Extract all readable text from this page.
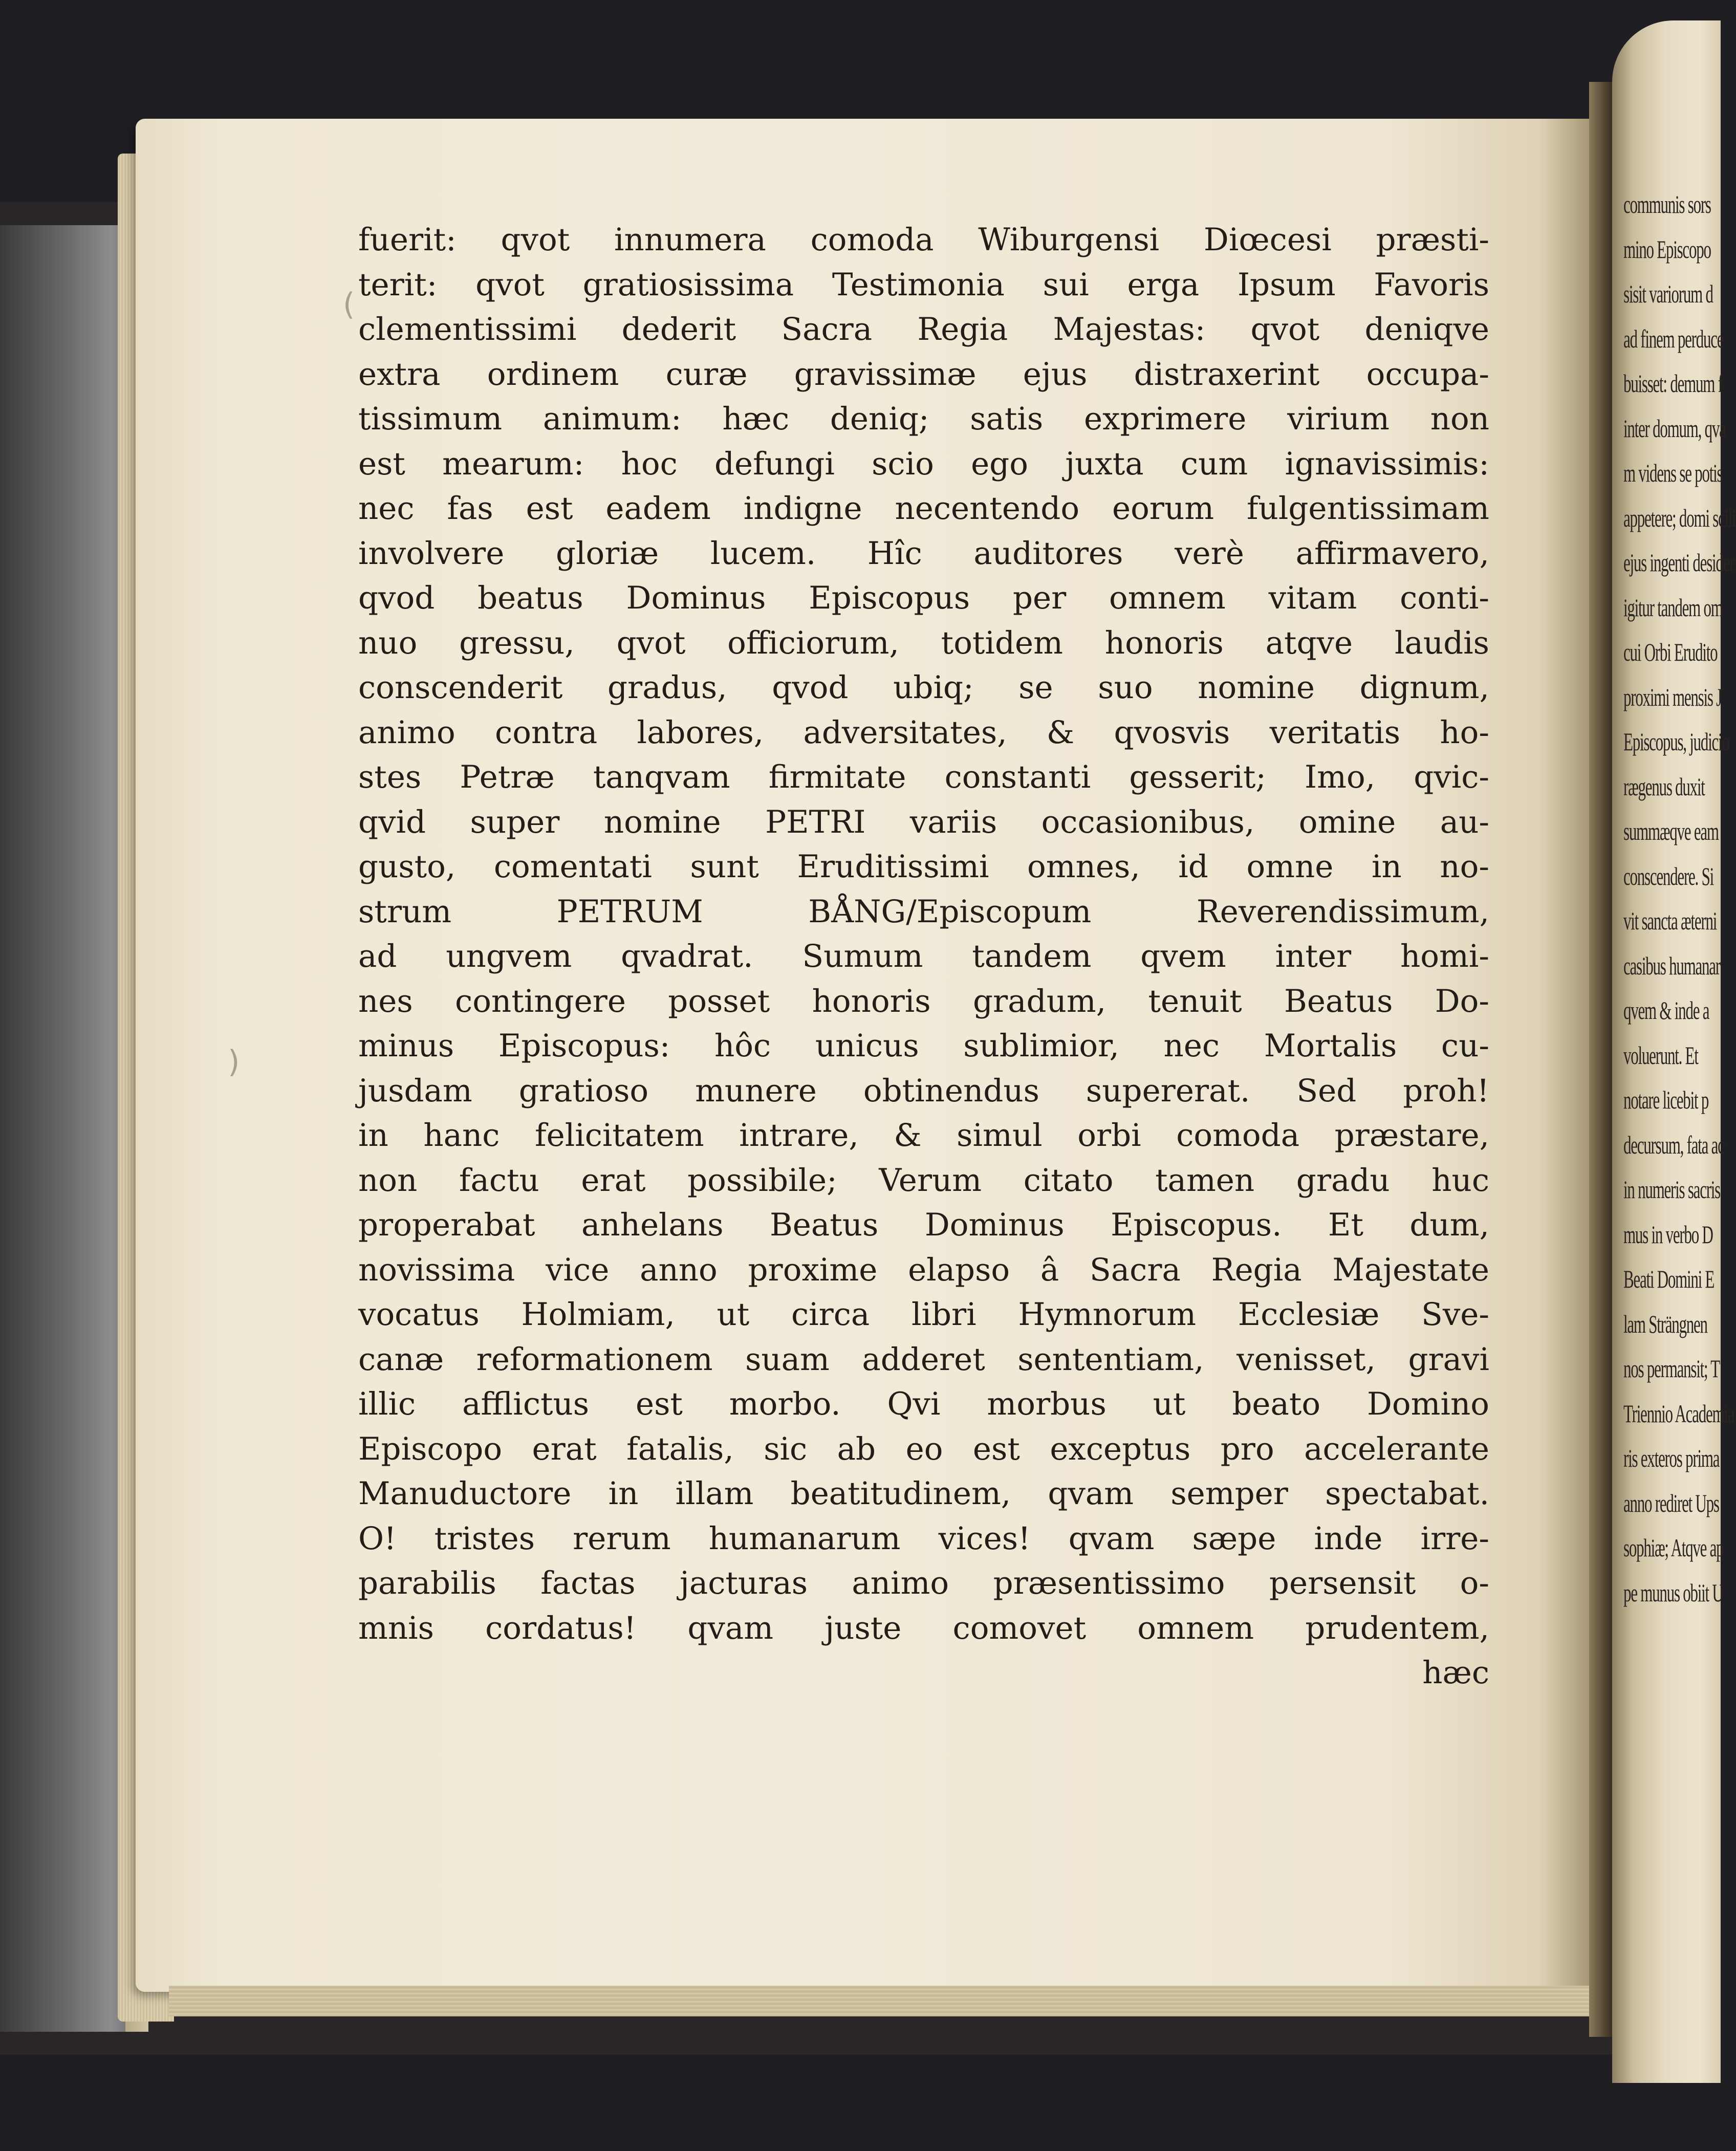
fuerit: qvot innumera comoda Wiburgensi Diœcesi præsti-
terit: qvot gratiosissima Testimonia sui erga Ipsum Favoris
clementissimi dederit Sacra Regia Majestas: qvot deniqve
extra ordinem curæ gravissimæ ejus distraxerint occupa-
tissimum animum: hæc deniq; satis exprimere virium non
est mearum: hoc defungi scio ego juxta cum ignavissimis:
nec fas est eadem indigne necentendo eorum fulgentissimam
involvere gloriæ lucem. Hîc auditores verè affirmavero,
qvod beatus Dominus Episcopus per omnem vitam conti-
nuo gressu, qvot officiorum, totidem honoris atqve laudis
conscenderit gradus, qvod ubiq; se suo nomine dignum,
animo contra labores, adversitates, & qvosvis veritatis ho-
stes Petræ tanqvam firmitate constanti gesserit; Imo, qvic-
qvid super nomine PETRI variis occasionibus, omine au-
gusto, comentati sunt Eruditissimi omnes, id omne in no-
strum PETRUM BÅNG/Episcopum Reverendissimum,
ad ungvem qvadrat. Sumum tandem qvem inter homi-
nes contingere posset honoris gradum, tenuit Beatus Do-
minus Episcopus: hôc unicus sublimior, nec Mortalis cu-
jusdam gratioso munere obtinendus supererat. Sed proh!
in hanc felicitatem intrare, & simul orbi comoda præstare,
non factu erat possibile; Verum citato tamen gradu huc
properabat anhelans Beatus Dominus Episcopus. Et dum,
novissima vice anno proxime elapso â Sacra Regia Majestate
vocatus Holmiam, ut circa libri Hymnorum Ecclesiæ Sve-
canæ reformationem suam adderet sententiam, venisset, gravi
illic afflictus est morbo. Qvi morbus ut beato Domino
Episcopo erat fatalis, sic ab eo est exceptus pro accelerante
Manuductore in illam beatitudinem, qvam semper spectabat.
O! tristes rerum humanarum vices! qvam sæpe inde irre-
parabilis factas jacturas animo præsentissimo persensit o-
mnis cordatus! qvam juste comovet omnem prudentem,
hæc
(
)
communis sors
mino Episcopo
sisit variorum d
ad finem perduce
buisset: demum f
inter domum, qva
m videns se potis
appetere; domi scili
ejus ingenti desider
igitur tandem om
cui Orbi Erudito
proximi mensis J
Episcopus, judicio
rægenus duxit
summæqve eam
conscendere. Si
vit sancta æterni
casibus humanar
qvem & inde a
voluerunt. Et
notare licebit p
decursum, fata ac
in numeris sacris
mus in verbo D
Beati Domini E
lam Strängnen
nos permansit; T
Triennio Academia
ris exteros prima
anno rediret Ups
sophiæ; Atqve ap
pe munus obiit U
